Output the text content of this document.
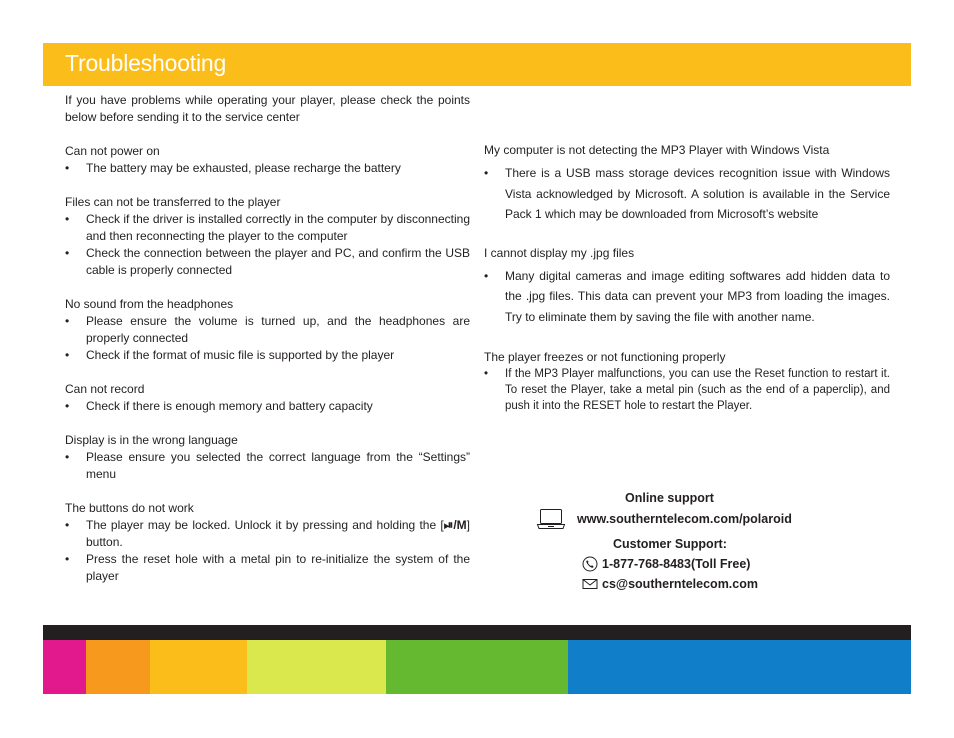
Troubleshooting

If you have problems while operating your player, please check the points below before sending it to the service center

Can not power on
• The battery may be exhausted, please recharge the battery
Files can not be transferred to the player
• Check if the driver is installed correctly in the computer by disconnecting and then reconnecting the player to the computer
• Check the connection between the player and PC, and confirm the USB cable is properly connected
No sound from the headphones
• Please ensure the volume is turned up, and the headphones are properly connected
• Check if the format of music file is supported by the player
Can not record
• Check if there is enough memory and battery capacity
Display is in the wrong language
• Please ensure you selected the correct language from the “Settings” menu
The buttons do not work
• The player may be locked. Unlock it by pressing and holding the [⏯/M] button.
• Press the reset hole with a metal pin to re-initialize the system of the player
My computer is not detecting the MP3 Player with Windows Vista
• There is a USB mass storage devices recognition issue with Windows Vista acknowledged by Microsoft. A solution is available in the Service Pack 1 which may be downloaded from Microsoft’s website
I cannot display my .jpg files
• Many digital cameras and image editing softwares add hidden data to the .jpg files. This data can prevent your MP3 from loading the images. Try to eliminate them by saving the file with another name.
The player freezes or not functioning properly
• If the MP3 Player malfunctions, you can use the Reset function to restart it. To reset the Player, take a metal pin (such as the end of a paperclip), and push it into the RESET hole to restart the Player.
Online support
www.southerntelecom.com/polaroid
Customer Support:
1-877-768-8483(Toll Free)
cs@southerntelecom.com
